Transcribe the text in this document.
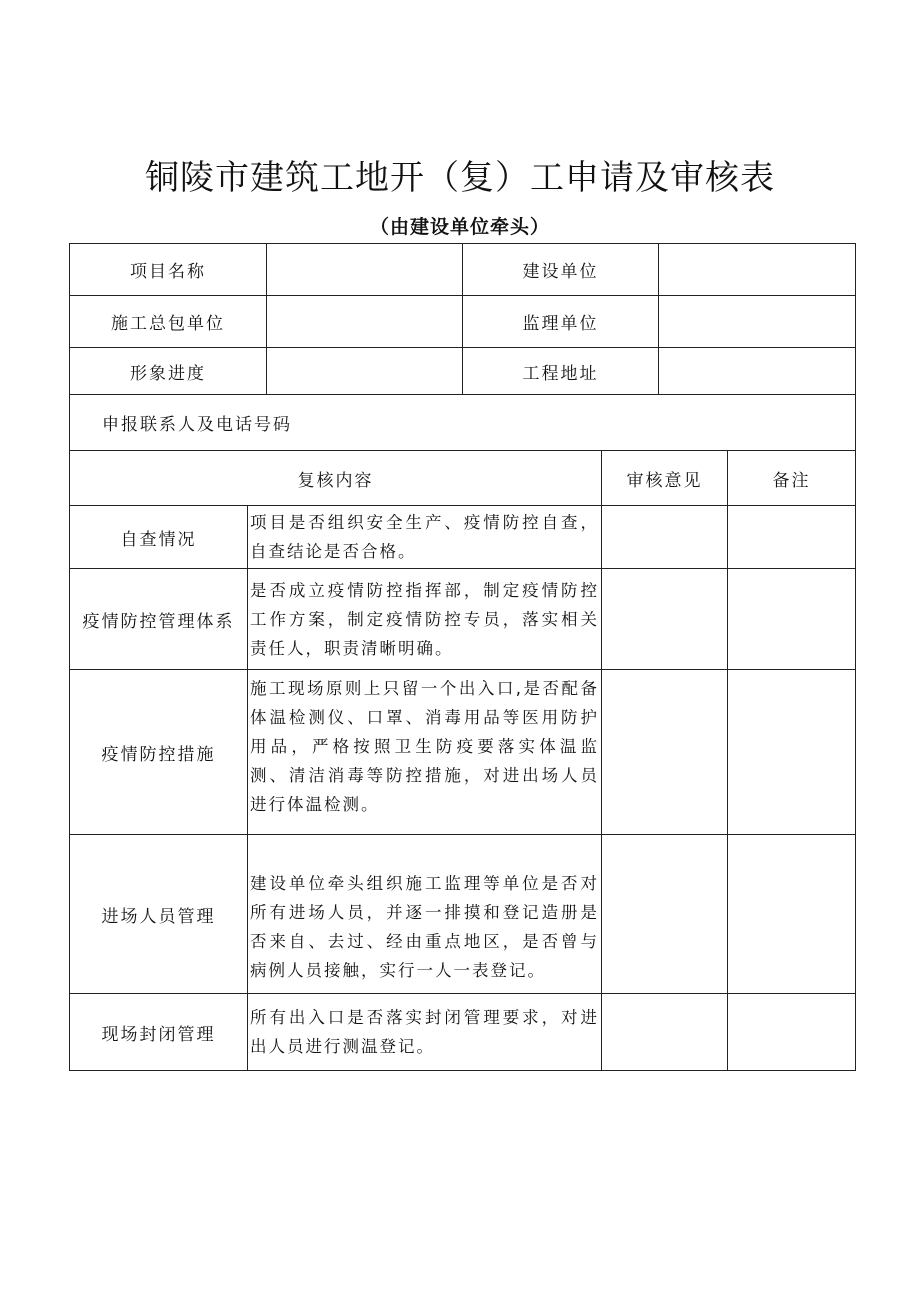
铜陵市建筑工地开（复）工申请及审核表
（由建设单位牵头）
项目名称		建设单位	
施工总包单位		监理单位	
形象进度		工程地址	
申报联系人及电话号码			
复核内容		审核意见	备注
自查情况	项目是否组织安全生产、疫情防控自查，自查结论是否合格。		
疫情防控管理体系	是否成立疫情防控指挥部，制定疫情防控工作方案，制定疫情防控专员，落实相关责任人，职责清晰明确。		
疫情防控措施	施工现场原则上只留一个出入口,是否配备体温检测仪、口罩、消毒用品等医用防护用品，严格按照卫生防疫要落实体温监测、清洁消毒等防控措施，对进出场人员进行体温检测。		
进场人员管理	建设单位牵头组织施工监理等单位是否对所有进场人员，并逐一排摸和登记造册是否来自、去过、经由重点地区，是否曾与病例人员接触，实行一人一表登记。		
现场封闭管理	所有出入口是否落实封闭管理要求，对进出人员进行测温登记。		
